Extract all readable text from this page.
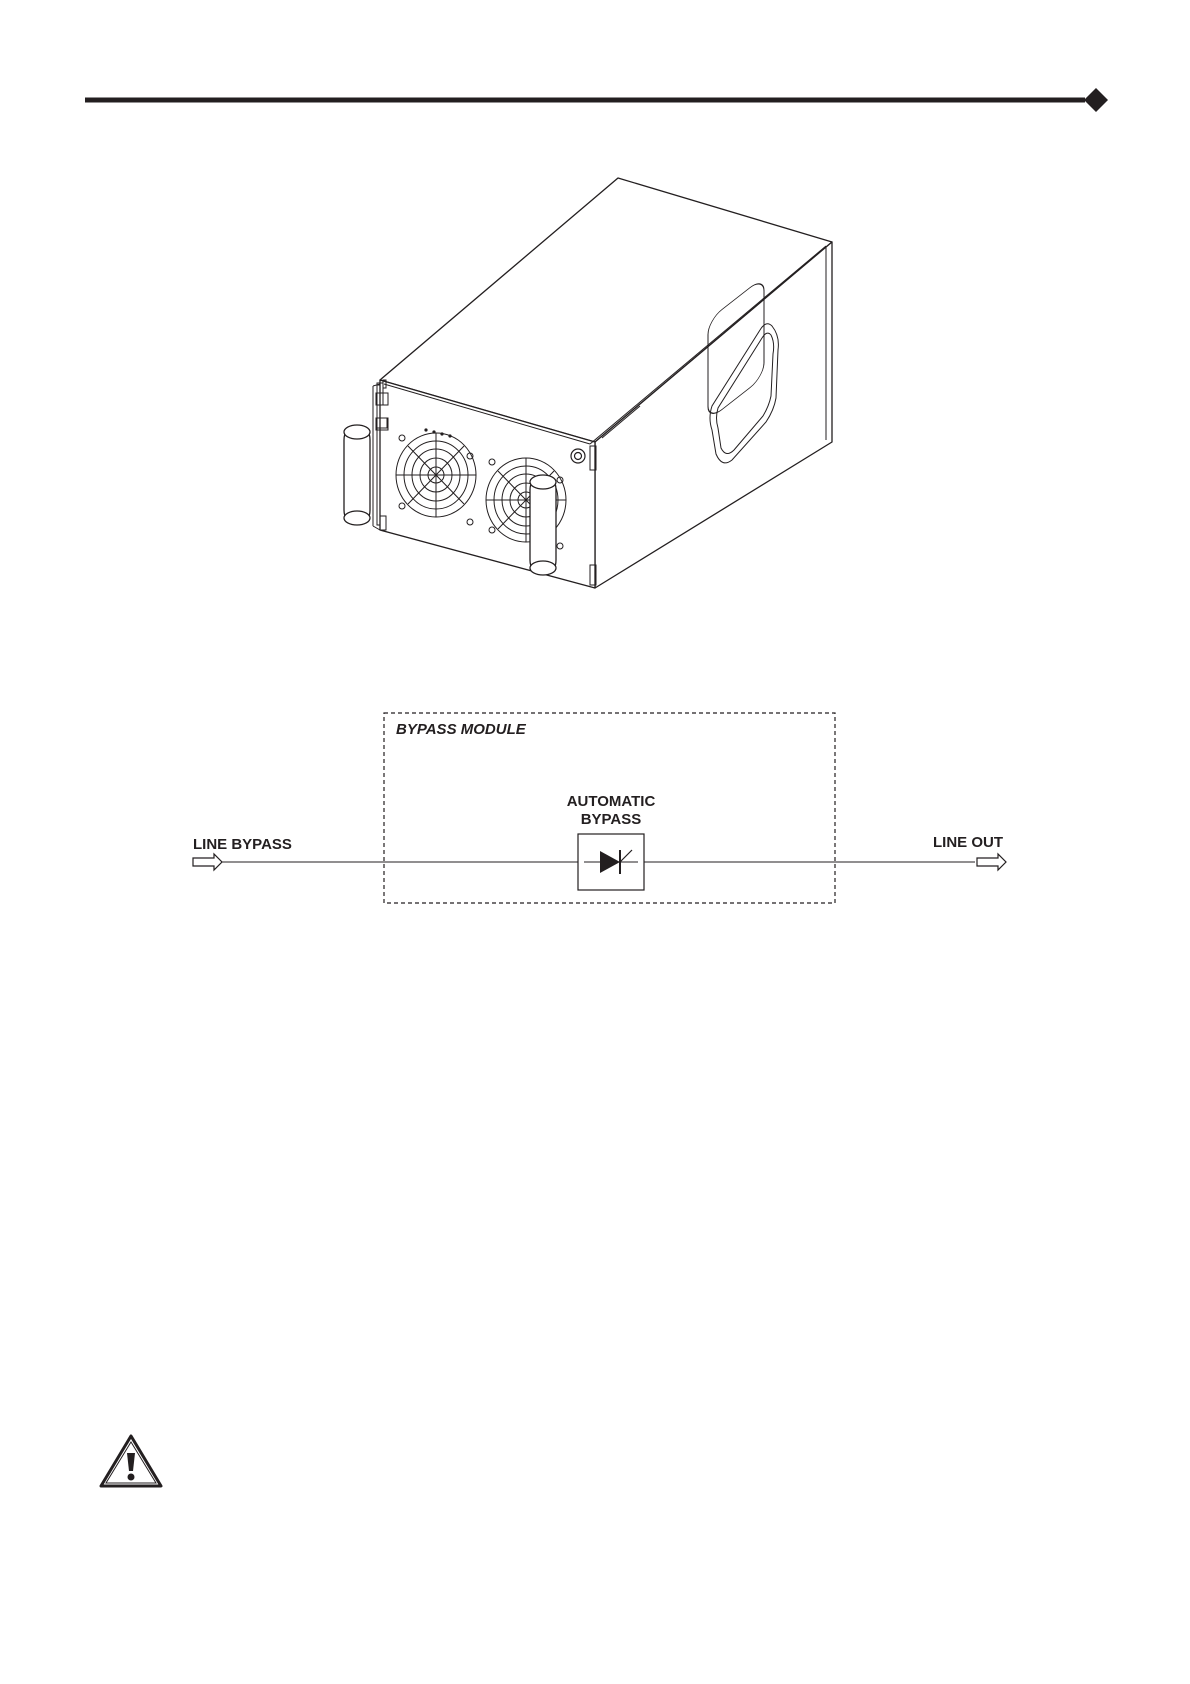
BYPASS MODULE
AUTOMATIC
BYPASS
LINE BYPASS	LINE OUT
